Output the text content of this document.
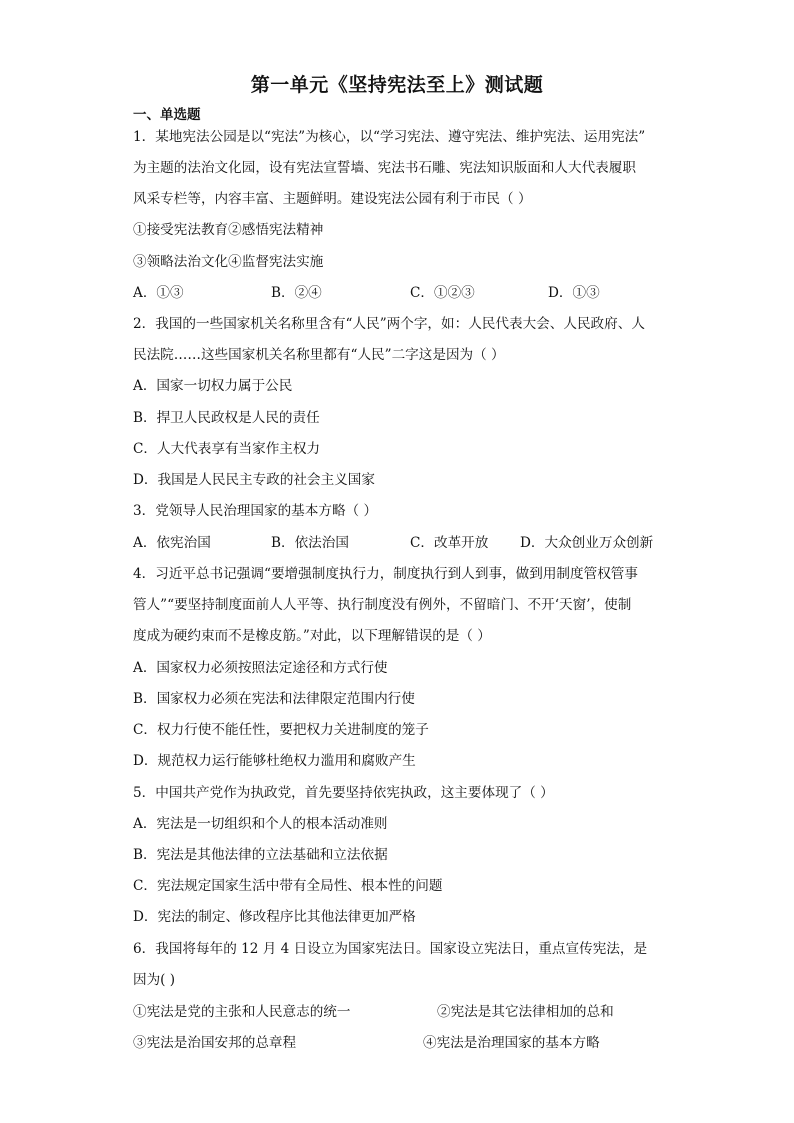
第一单元《坚持宪法至上》测试题
一、单选题
1．某地宪法公园是以“宪法”为核心，以“学习宪法、遵守宪法、维护宪法、运用宪法”
为主题的法治文化园，设有宪法宣誓墙、宪法书石雕、宪法知识版面和人大代表履职
风采专栏等，内容丰富、主题鲜明。建设宪法公园有利于市民（ ）
①接受宪法教育②感悟宪法精神
③领略法治文化④监督宪法实施
A．①③	B．②④	C．①②③	D．①③
2．我国的一些国家机关名称里含有“人民”两个字，如：人民代表大会、人民政府、人
民法院……这些国家机关名称里都有“人民”二字这是因为（ ）
A．国家一切权力属于公民
B．捍卫人民政权是人民的责任
C．人大代表享有当家作主权力
D．我国是人民民主专政的社会主义国家
3．党领导人民治理国家的基本方略（ ）
A．依宪治国	B．依法治国	C．改革开放 D．大众创业万众创新
4．习近平总书记强调“要增强制度执行力，制度执行到人到事，做到用制度管权管事
管人”“要坚持制度面前人人平等、执行制度没有例外，不留暗门、不开‘天窗’，使制
度成为硬约束而不是橡皮筋。”对此，以下理解错误的是（ ）
A．国家权力必须按照法定途径和方式行使
B．国家权力必须在宪法和法律限定范围内行使
C．权力行使不能任性，要把权力关进制度的笼子
D．规范权力运行能够杜绝权力滥用和腐败产生
5．中国共产党作为执政党，首先要坚持依宪执政，这主要体现了（ ）
A．宪法是一切组织和个人的根本活动准则
B．宪法是其他法律的立法基础和立法依据
C．宪法规定国家生活中带有全局性、根本性的问题
D．宪法的制定、修改程序比其他法律更加严格
6．我国将每年的 12 月 4 日设立为国家宪法日。国家设立宪法日，重点宣传宪法，是
因为( )
①宪法是党的主张和人民意志的统一	②宪法是其它法律相加的总和
③宪法是治国安邦的总章程	④宪法是治理国家的基本方略
